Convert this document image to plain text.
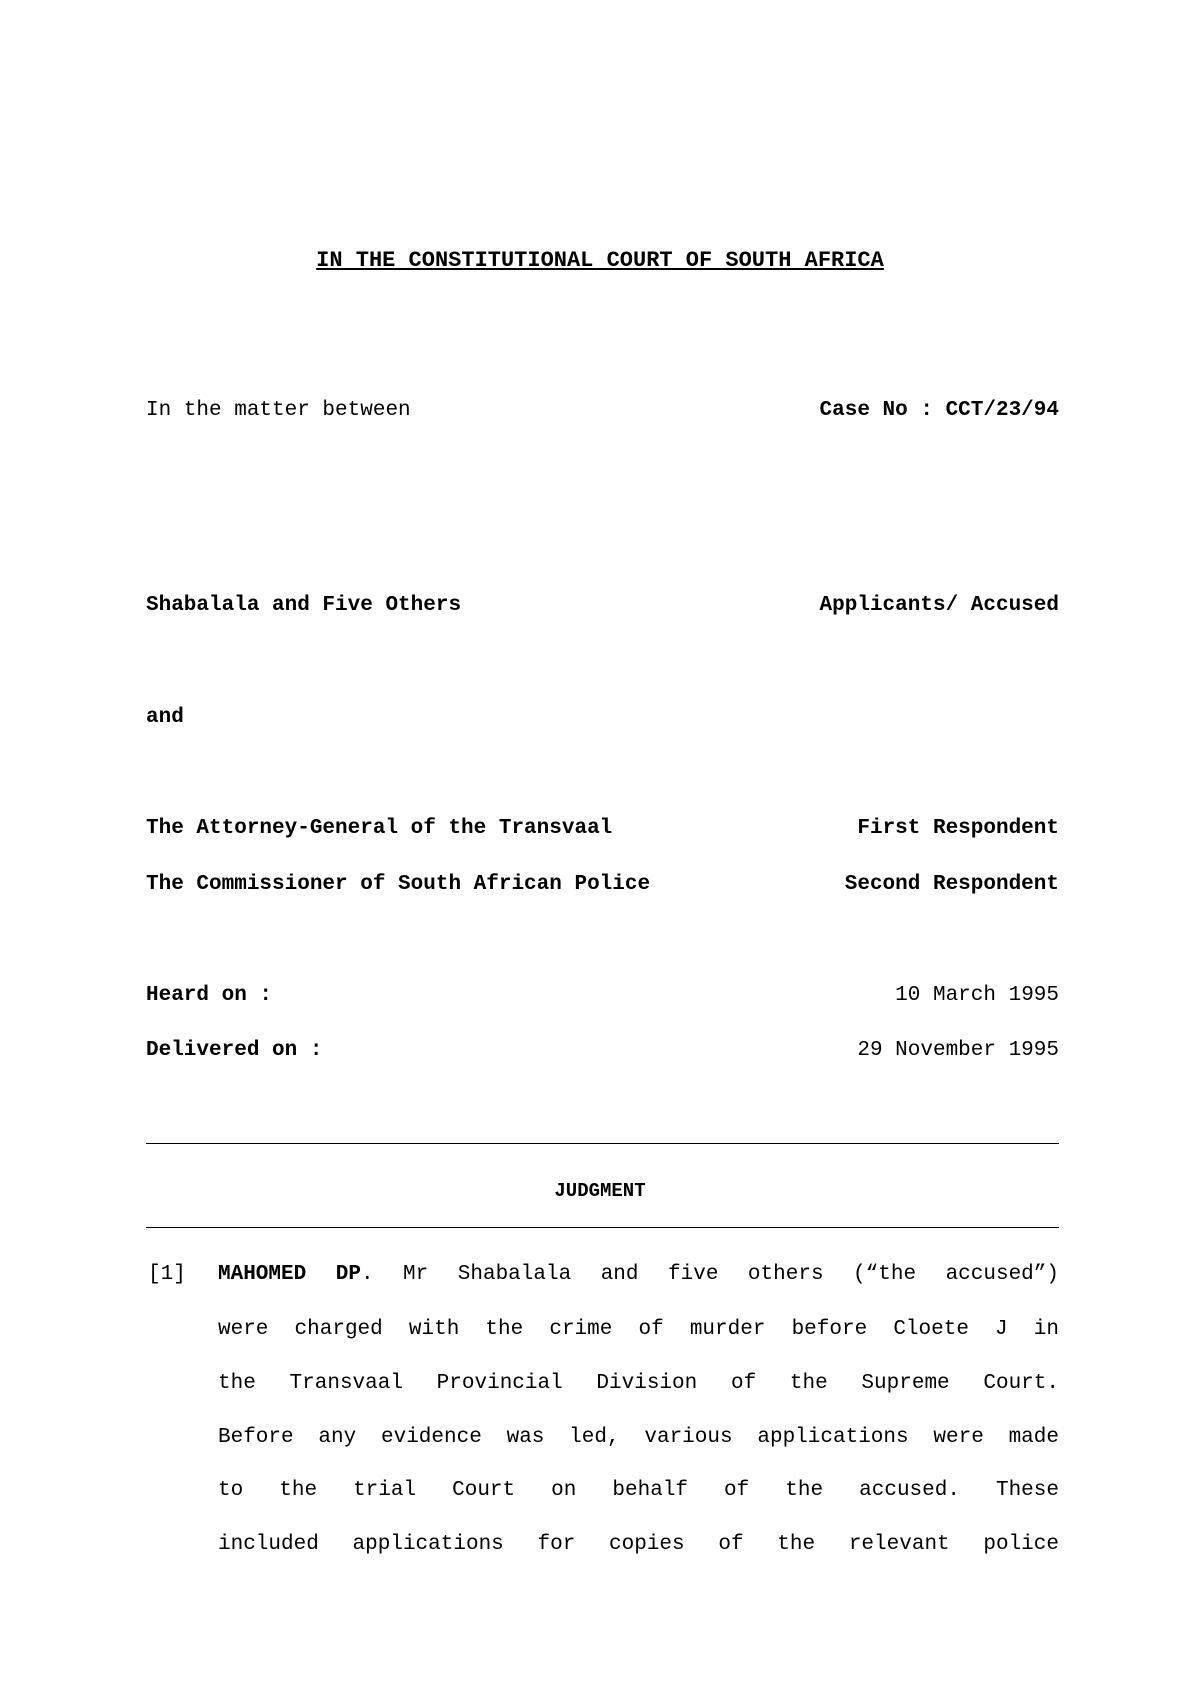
IN THE CONSTITUTIONAL COURT OF SOUTH AFRICA
In the matter between	Case No : CCT/23/94
Shabalala and Five Others	Applicants/ Accused
and
The Attorney-General of the Transvaal	First Respondent
The Commissioner of South African Police	Second Respondent
Heard on :	10 March 1995
Delivered on :	29 November 1995
JUDGMENT
[1] MAHOMED DP. Mr Shabalala and five others (“the accused”)
were charged with the crime of murder before Cloete J in
the Transvaal Provincial Division of the Supreme Court.
Before any evidence was led, various applications were made
to the trial Court on behalf of the accused. These
included applications for copies of the relevant police
